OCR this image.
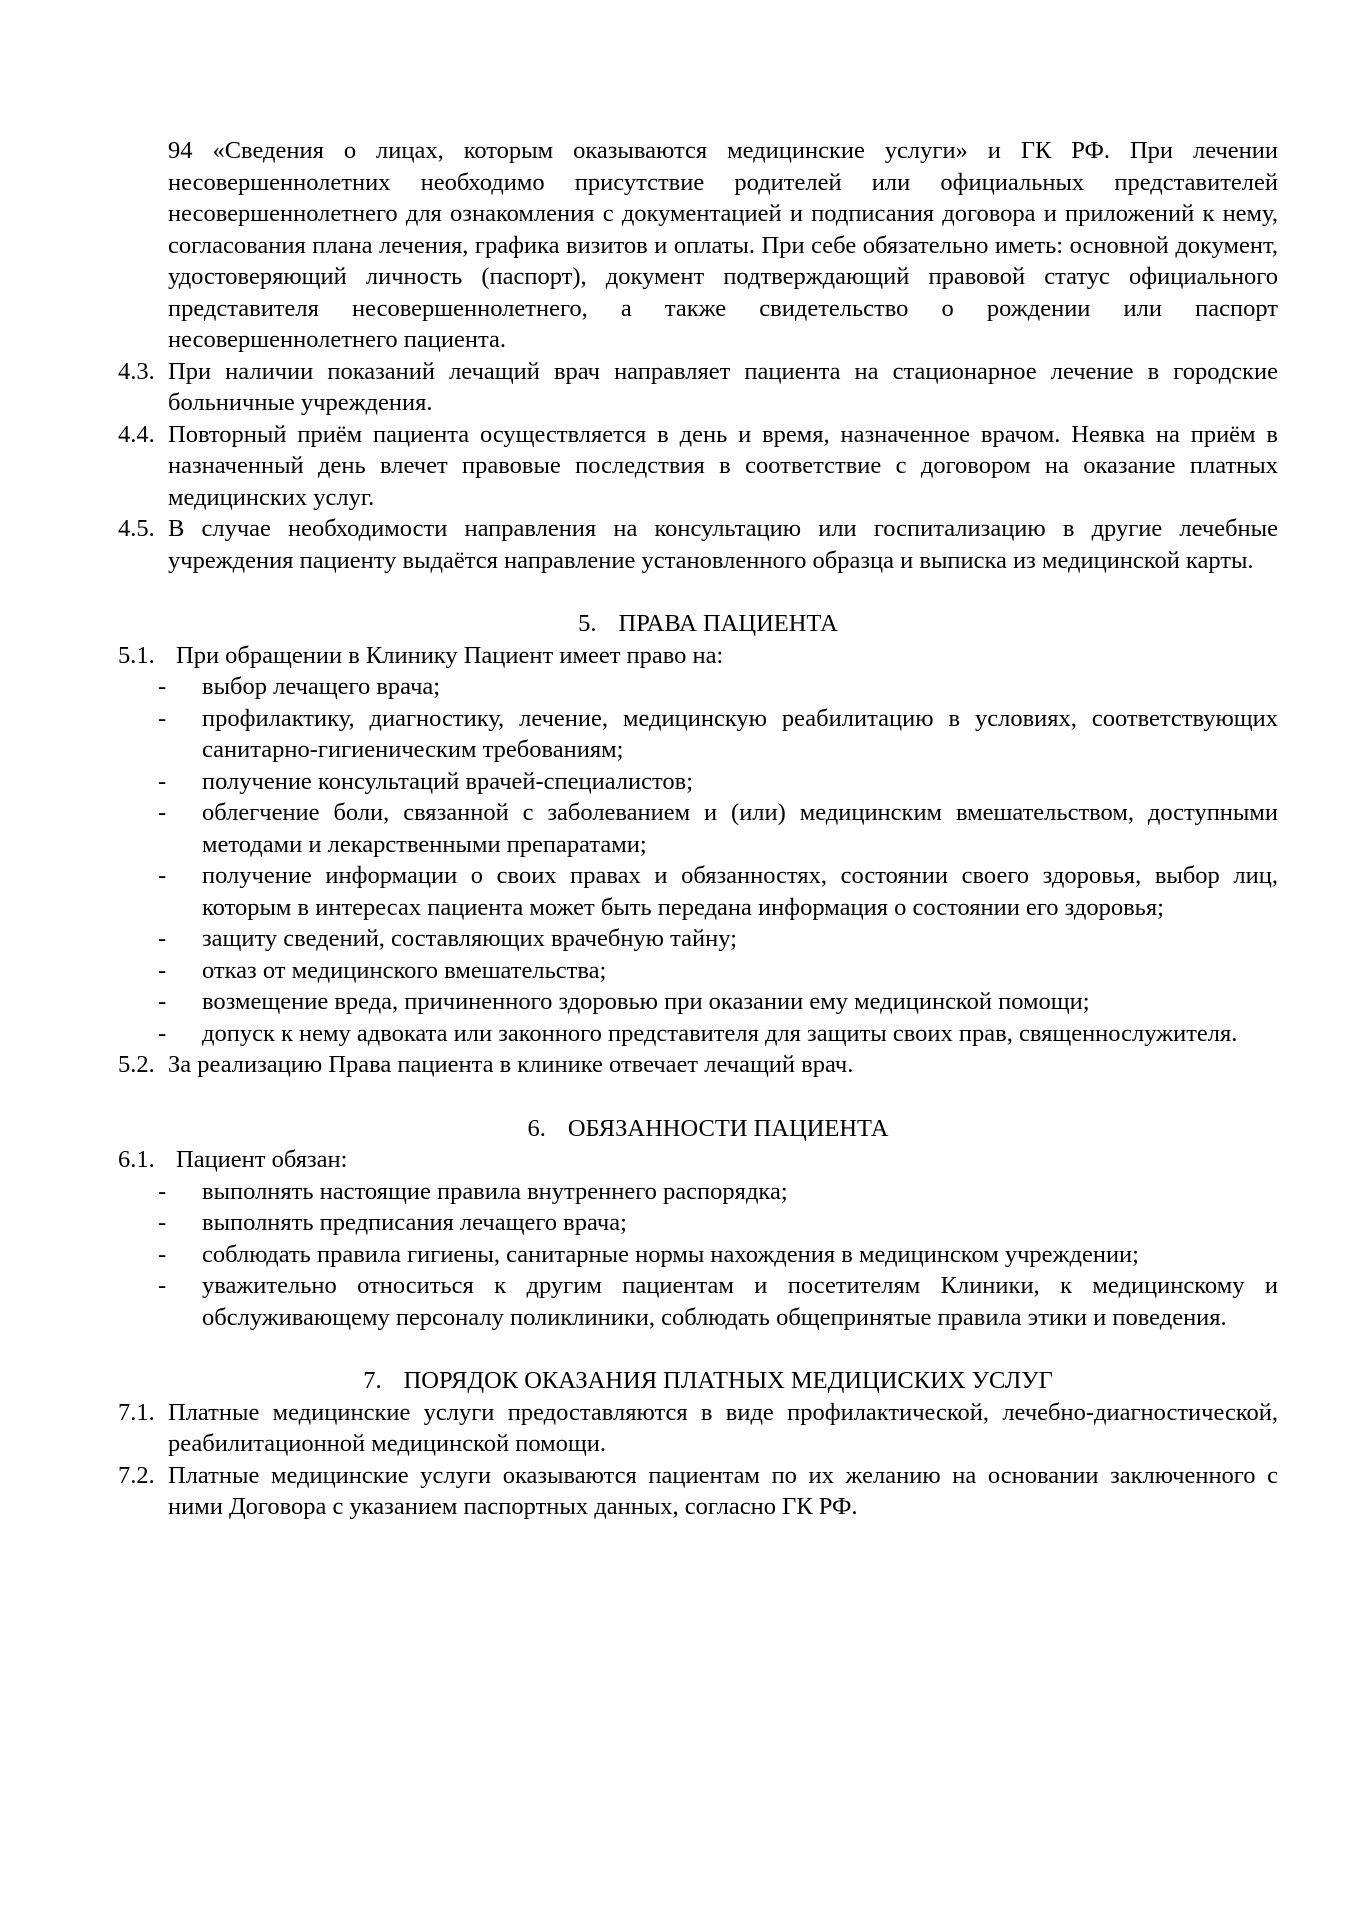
94 «Сведения о лицах, которым оказываются медицинские услуги» и ГК РФ. При лечении несовершеннолетних необходимо присутствие родителей или официальных представителей несовершеннолетнего для ознакомления с документацией и подписания договора и приложений к нему, согласования плана лечения, графика визитов и оплаты. При себе обязательно иметь: основной документ, удостоверяющий личность (паспорт), документ подтверждающий правовой статус официального представителя несовершеннолетнего, а также свидетельство о рождении или паспорт несовершеннолетнего пациента.
4.3. При наличии показаний лечащий врач направляет пациента на стационарное лечение в городские больничные учреждения.
4.4. Повторный приём пациента осуществляется в день и время, назначенное врачом. Неявка на приём в назначенный день влечет правовые последствия в соответствие с договором на оказание платных медицинских услуг.
4.5. В случае необходимости направления на консультацию или госпитализацию в другие лечебные учреждения пациенту выдаётся направление установленного образца и выписка из медицинской карты.
5. ПРАВА ПАЦИЕНТА
5.1. При обращении в Клинику Пациент имеет право на:
- выбор лечащего врача;
- профилактику, диагностику, лечение, медицинскую реабилитацию в условиях, соответствующих санитарно-гигиеническим требованиям;
- получение консультаций врачей-специалистов;
- облегчение боли, связанной с заболеванием и (или) медицинским вмешательством, доступными методами и лекарственными препаратами;
- получение информации о своих правах и обязанностях, состоянии своего здоровья, выбор лиц, которым в интересах пациента может быть передана информация о состоянии его здоровья;
- защиту сведений, составляющих врачебную тайну;
- отказ от медицинского вмешательства;
- возмещение вреда, причиненного здоровью при оказании ему медицинской помощи;
- допуск к нему адвоката или законного представителя для защиты своих прав, священнослужителя.
5.2. За реализацию Права пациента в клинике отвечает лечащий врач.
6. ОБЯЗАННОСТИ ПАЦИЕНТА
6.1. Пациент обязан:
- выполнять настоящие правила внутреннего распорядка;
- выполнять предписания лечащего врача;
- соблюдать правила гигиены, санитарные нормы нахождения в медицинском учреждении;
- уважительно относиться к другим пациентам и посетителям Клиники, к медицинскому и обслуживающему персоналу поликлиники, соблюдать общепринятые правила этики и поведения.
7. ПОРЯДОК ОКАЗАНИЯ ПЛАТНЫХ МЕДИЦИСКИХ УСЛУГ
7.1. Платные медицинские услуги предоставляются в виде профилактической, лечебно-диагностической, реабилитационной медицинской помощи.
7.2. Платные медицинские услуги оказываются пациентам по их желанию на основании заключенного с ними Договора с указанием паспортных данных, согласно ГК РФ.
